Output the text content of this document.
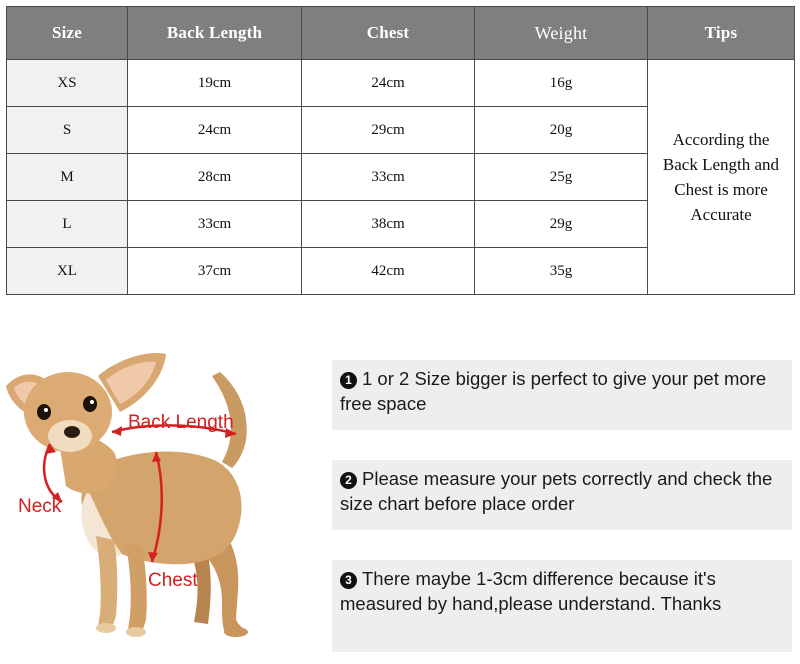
Size	Back Length	Chest	Weight	Tips
XS	19cm	24cm	16g	According the Back Length and Chest is more Accurate
S	24cm	29cm	20g	
M	28cm	33cm	25g	
L	33cm	38cm	29g	
XL	37cm	42cm	35g	
Back Length
Neck
Chest
1 1 or 2 Size bigger is perfect to give your pet more free space
2 Please measure your pets correctly and check the size chart before place order
3 There maybe 1-3cm difference because it's measured by hand,please understand. Thanks
